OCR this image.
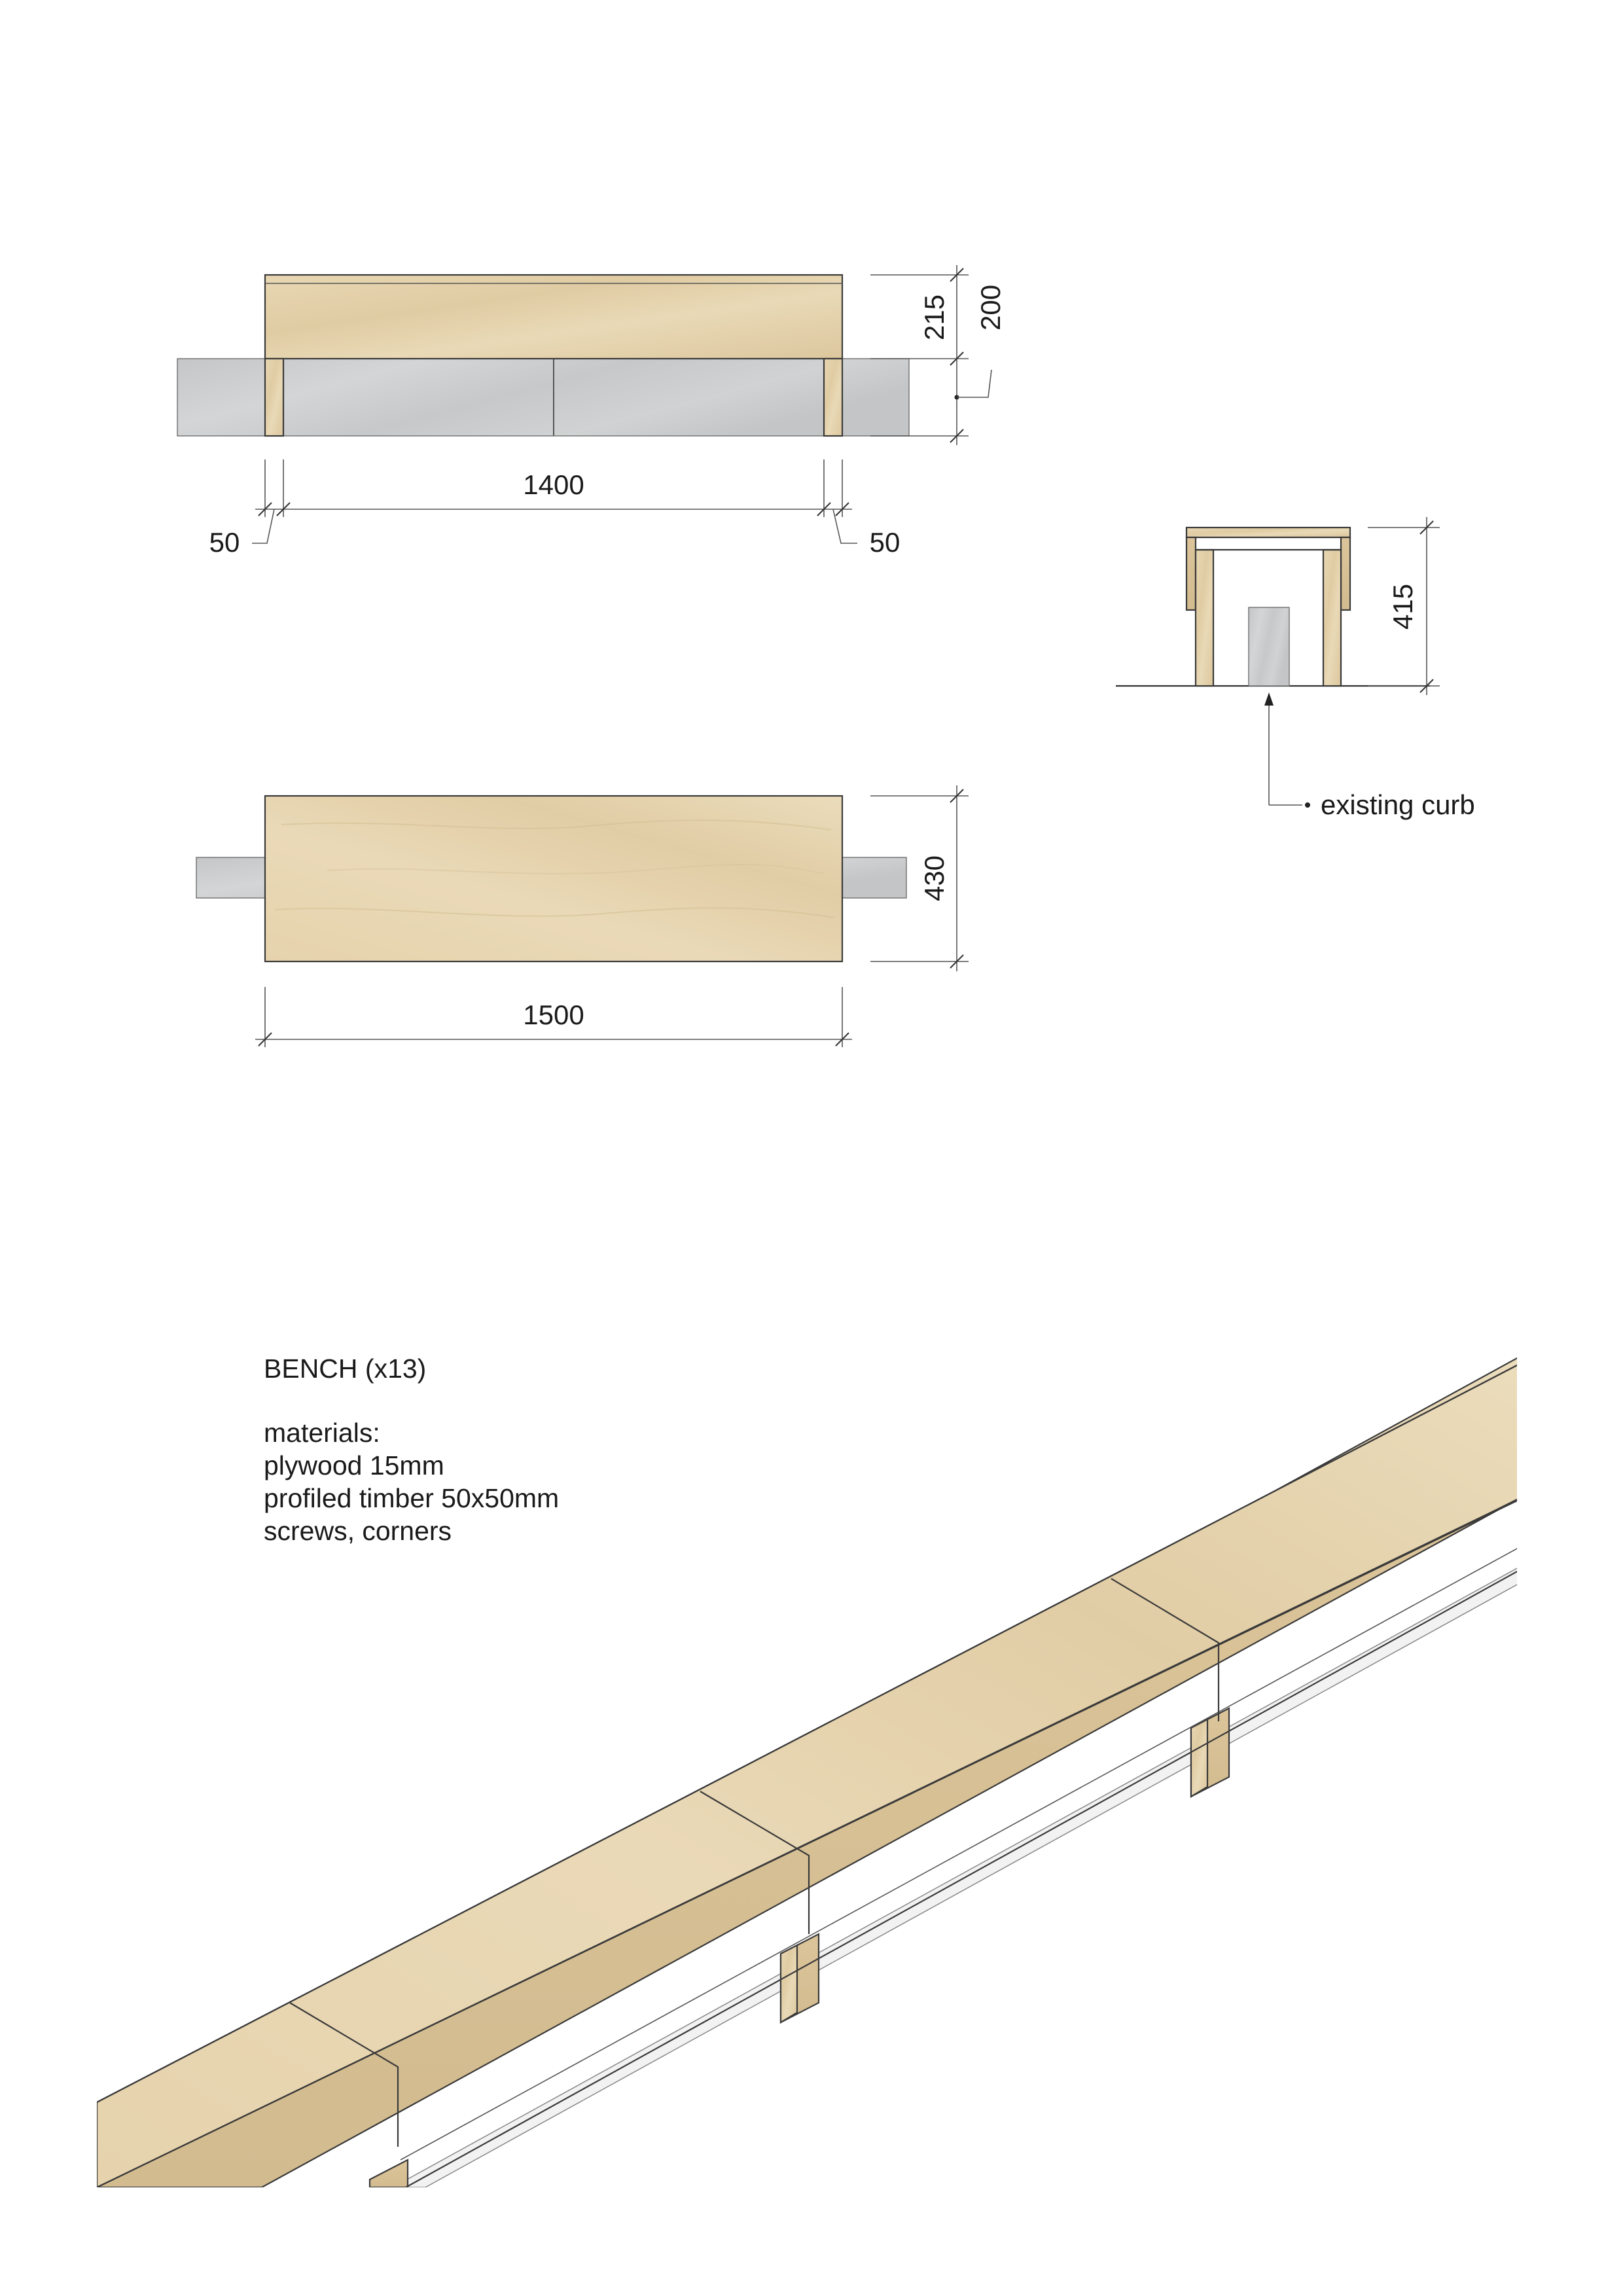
215 200
1400
50	50
415
existing curb
430
1500
BENCH (x13)
materials:
plywood 15mm
profiled timber 50x50mm
screws, corners
